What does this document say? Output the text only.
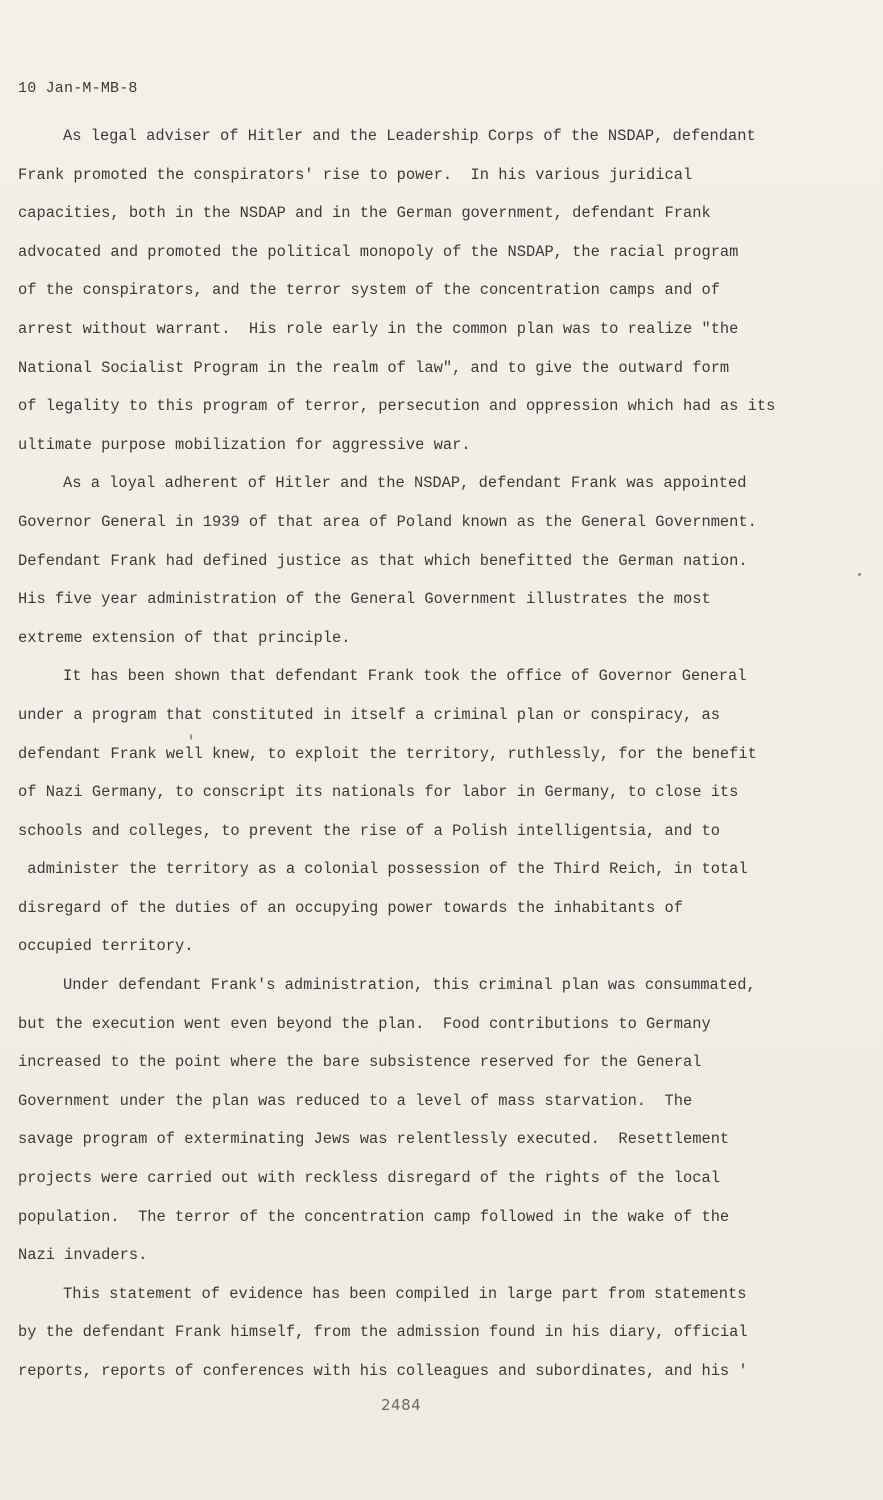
10 Jan-M-MB-8
As legal adviser of Hitler and the Leadership Corps of the NSDAP, defendant
Frank promoted the conspirators' rise to power.  In his various juridical
capacities, both in the NSDAP and in the German government, defendant Frank
advocated and promoted the political monopoly of the NSDAP, the racial program
of the conspirators, and the terror system of the concentration camps and of
arrest without warrant.  His role early in the common plan was to realize "the
National Socialist Program in the realm of law", and to give the outward form
of legality to this program of terror, persecution and oppression which had as its
ultimate purpose mobilization for aggressive war.
As a loyal adherent of Hitler and the NSDAP, defendant Frank was appointed
Governor General in 1939 of that area of Poland known as the General Government.
Defendant Frank had defined justice as that which benefitted the German nation.
His five year administration of the General Government illustrates the most
extreme extension of that principle.
It has been shown that defendant Frank took the office of Governor General
under a program that constituted in itself a criminal plan or conspiracy, as
defendant Frank well knew, to exploit the territory, ruthlessly, for the benefit
of Nazi Germany, to conscript its nationals for labor in Germany, to close its
schools and colleges, to prevent the rise of a Polish intelligentsia, and to
administer the territory as a colonial possession of the Third Reich, in total
disregard of the duties of an occupying power towards the inhabitants of
occupied territory.
Under defendant Frank's administration, this criminal plan was consummated,
but the execution went even beyond the plan.  Food contributions to Germany
increased to the point where the bare subsistence reserved for the General
Government under the plan was reduced to a level of mass starvation.  The
savage program of exterminating Jews was relentlessly executed.  Resettlement
projects were carried out with reckless disregard of the rights of the local
population.  The terror of the concentration camp followed in the wake of the
Nazi invaders.
This statement of evidence has been compiled in large part from statements
by the defendant Frank himself, from the admission found in his diary, official
reports, reports of conferences with his colleagues and subordinates, and his '
2484
